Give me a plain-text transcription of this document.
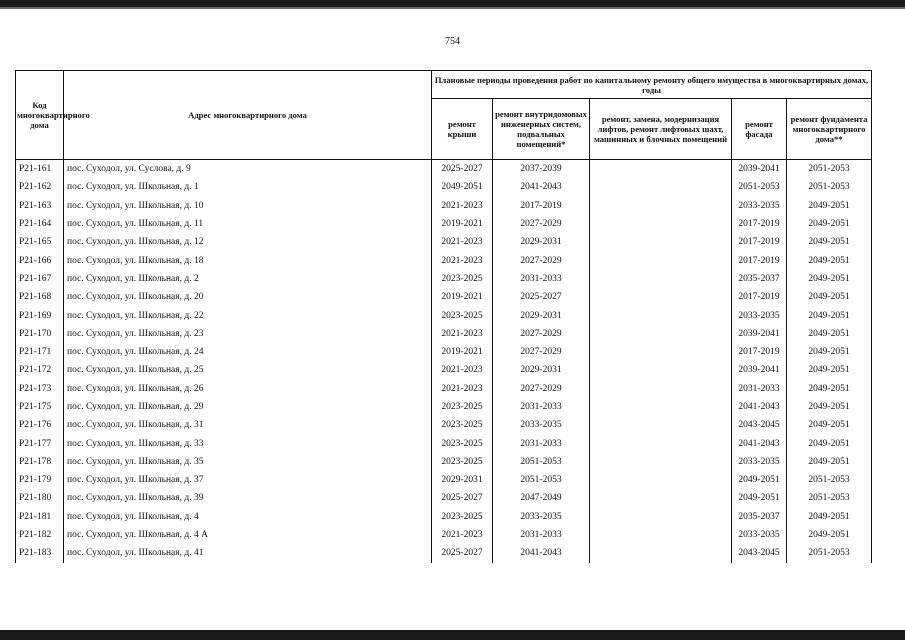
754
Код многоквартирного дома	Адрес многоквартирного дома	Плановые периоды проведения работ по капитальному ремонту общего имущества в многоквартирных домах, годы				
		ремонт крыши	ремонт внутридомовых инженерных систем, подвальных помещений*	ремонт, замена, модернизация лифтов, ремонт лифтовых шахт, машинных и блочных помещений	ремонт фасада	ремонт фундамента многоквартирного дома**
Р21-161	пос. Суходол, ул. Суслова, д. 9	2025-2027	2037-2039		2039-2041	2051-2053
Р21-162	пос. Суходол, ул. Школьная, д. 1	2049-2051	2041-2043		2051-2053	2051-2053
Р21-163	пос. Суходол, ул. Школьная, д. 10	2021-2023	2017-2019		2033-2035	2049-2051
Р21-164	пос. Суходол, ул. Школьная, д. 11	2019-2021	2027-2029		2017-2019	2049-2051
Р21-165	пос. Суходол, ул. Школьная, д. 12	2021-2023	2029-2031		2017-2019	2049-2051
Р21-166	пос. Суходол, ул. Школьная, д. 18	2021-2023	2027-2029		2017-2019	2049-2051
Р21-167	пос. Суходол, ул. Школьная, д. 2	2023-2025	2031-2033		2035-2037	2049-2051
Р21-168	пос. Суходол, ул. Школьная, д. 20	2019-2021	2025-2027		2017-2019	2049-2051
Р21-169	пос. Суходол, ул. Школьная, д. 22	2023-2025	2029-2031		2033-2035	2049-2051
Р21-170	пос. Суходол, ул. Школьная, д. 23	2021-2023	2027-2029		2039-2041	2049-2051
Р21-171	пос. Суходол, ул. Школьная, д. 24	2019-2021	2027-2029		2017-2019	2049-2051
Р21-172	пос. Суходол, ул. Школьная, д. 25	2021-2023	2029-2031		2039-2041	2049-2051
Р21-173	пос. Суходол, ул. Школьная, д. 26	2021-2023	2027-2029		2031-2033	2049-2051
Р21-175	пос. Суходол, ул. Школьная, д. 29	2023-2025	2031-2033		2041-2043	2049-2051
Р21-176	пос. Суходол, ул. Школьная, д. 31	2023-2025	2033-2035		2043-2045	2049-2051
Р21-177	пос. Суходол, ул. Школьная, д. 33	2023-2025	2031-2033		2041-2043	2049-2051
Р21-178	пос. Суходол, ул. Школьная, д. 35	2023-2025	2051-2053		2033-2035	2049-2051
Р21-179	пос. Суходол, ул. Школьная, д. 37	2029-2031	2051-2053		2049-2051	2051-2053
Р21-180	пос. Суходол, ул. Школьная, д. 39	2025-2027	2047-2049		2049-2051	2051-2053
Р21-181	пос. Суходол, ул. Школьная, д. 4	2023-2025	2033-2035		2035-2037	2049-2051
Р21-182	пос. Суходол, ул. Школьная, д. 4 А	2021-2023	2031-2033		2033-2035	2049-2051
Р21-183	пос. Суходол, ул. Школьная, д. 41	2025-2027	2041-2043		2043-2045	2051-2053
